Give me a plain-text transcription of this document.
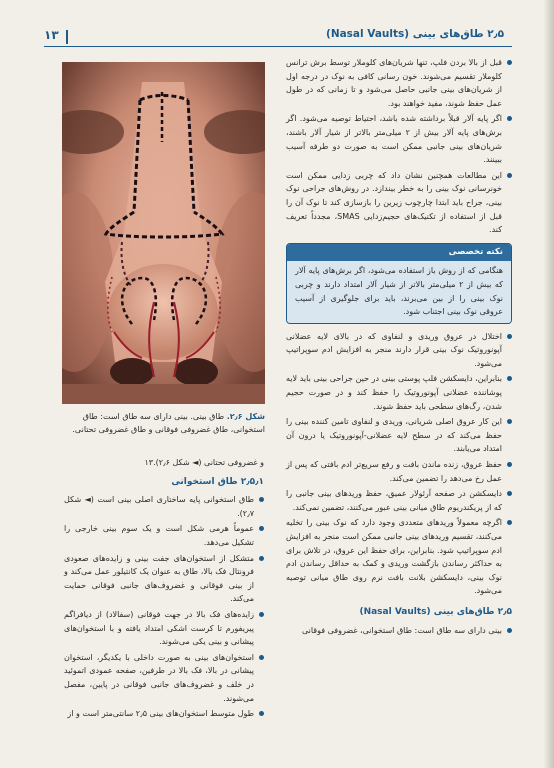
۱۳	۲٫۵ طاق‌های بینی (Nasal Vaults)
شکل ۲٫۶. طاق بینی. بینی دارای سه طاق است: طاق استخوانی، طاق غضروفی فوقانی و طاق غضروفی تحتانی.

و غضروفی تحتانی (◄ شکل ۲٫۶).۱۳

۲٫۵٫۱ طاق استخوانی
طاق استخوانی پایه ساختاری اصلی بینی است (◄ شکل ۲٫۷).
عموماً هرمی شکل است و یک سوم بینی خارجی را تشکیل می‌دهد.
متشکل از استخوان‌های جفت بینی و زایده‌های صعودی فرونتال فک بالا، طاق به عنوان یک کانتیلور عمل می‌کند و از بینی فوقانی و غضروف‌های جانبی فوقانی حمایت می‌کند.
زایده‌های فک بالا در جهت فوقانی (سفالاد) از دیافراگم پیریفورم تا کرست اشکی امتداد یافته و با استخوان‌های پیشانی و بینی یکی می‌شوند.
استخوان‌های بینی به صورت داخلی با یکدیگر، استخوان پیشانی در بالا، فک بالا در طرفین، صفحه عمودی اتموئید در خلف و غضروف‌های جانبی فوقانی در پایین، مفصل می‌شوند.
طول متوسط استخوان‌های بینی ۲٫۵ سانتی‌متر است و از
قبل از بالا بردن فلپ، تنها شریان‌های کلوملار توسط برش ترانس کلوملار تقسیم می‌شوند. خون رسانی کافی به نوک در درجه اول از شریان‌های بینی جانبی حاصل می‌شود و تا زمانی که در طول عمل حفظ شوند، مفید خواهند بود.
اگر پایه آلار قبلاً برداشته شده باشد، احتیاط توصیه می‌شود. اگر برش‌های پایه آلار بیش از ۲ میلی‌متر بالاتر از شیار آلار باشند، شریان‌های بینی جانبی ممکن است به صورت دو طرفه آسیب ببینند.
این مطالعات همچنین نشان داد که چربی زدایی ممکن است خونرسانی نوک بینی را به خطر بیندازد. در روش‌های جراحی نوک بینی، جراح باید ابتدا چارچوب زیرین را بازسازی کند تا نوک آن را قبل از استفاده از تکنیک‌های حجیم‌زدایی SMAS، مجدداً تعریف کند.
نکته تخصصی
هنگامی که از روش باز استفاده می‌شود، اگر برش‌های پایه آلار که بیش از ۲ میلی‌متر بالاتر از شیار آلار امتداد دارند و چربی نوک بینی را از بین می‌برند، باید برای جلوگیری از آسیب عروقی نوک بینی اجتناب شود.
اختلال در عروق وریدی و لنفاوی که در بالای لایه عضلانی آپونوروتیک نوک بینی قرار دارند منجر به افزایش ادم سوپراتیپ می‌شود.
بنابراین، دایسکشن فلپ پوستی بینی در حین جراحی بینی باید لایه پوشاننده عضلانی آپونوروتیک را حفظ کند و در صورت حجیم شدن، رگ‌های سطحی باید حفظ شوند.
این کار عروق اصلی شریانی، وریدی و لنفاوی تامین کننده بینی را حفظ می‌کند که در سطح لایه عضلانی-آپونوروتیک یا درون آن امتداد می‌یابند.
حفظ عروق، زنده ماندن بافت و رفع سریع‌تر ادم بافتی که پس از عمل رخ می‌دهد را تضمین می‌کند.
دایسکشن در صفحه آرئولار عمیق، حفظ وریدهای بینی جانبی را که از پریکندریوم طاق میانی بینی عبور می‌کنند، تضمین نمی‌کند.
اگرچه معمولاً وریدهای متعددی وجود دارد که نوک بینی را تخلیه می‌کنند، تقسیم وریدهای بینی جانبی ممکن است منجر به افزایش ادم سوپراتیپ شود. بنابراین، برای حفظ این عروق، در تلاش برای به حداکثر رساندن بازگشت وریدی و کمک به حداقل رساندن ادم نوک بینی، دایسکشن بلانت بافت نرم روی طاق میانی توصیه می‌شود.
۲٫۵ طاق‌های بینی (Nasal Vaults)
بینی دارای سه طاق است: طاق استخوانی، غضروفی فوقانی
